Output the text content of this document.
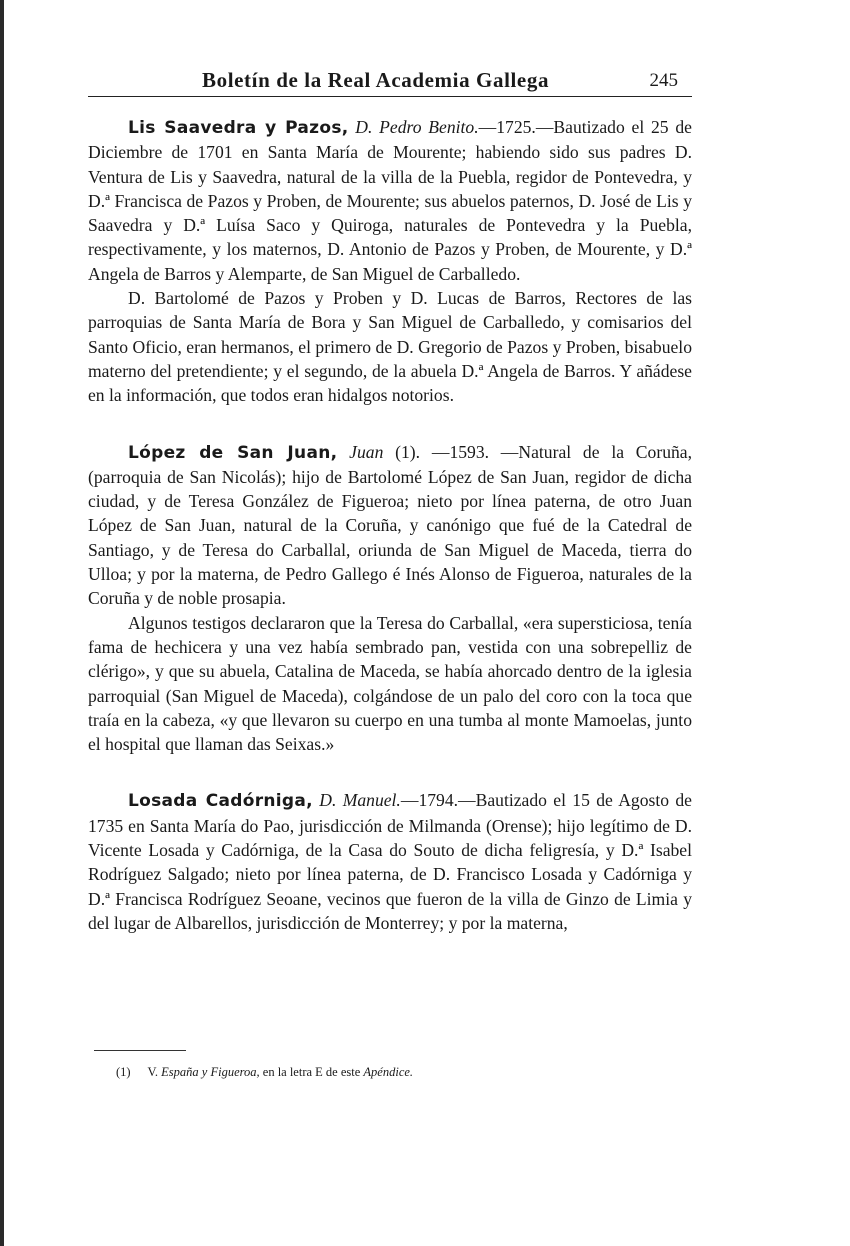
Boletín de la Real Academia Gallega	245

Lis Saavedra y Pazos, D. Pedro Benito.—1725.—Bautizado el 25 de Diciembre de 1701 en Santa María de Mourente; habiendo sido sus padres D. Ventura de Lis y Saavedra, natural de la villa de la Puebla, regidor de Pontevedra, y D.ª Francisca de Pazos y Proben, de Mourente; sus abuelos paternos, D. José de Lis y Saavedra y D.ª Luísa Saco y Quiroga, naturales de Pontevedra y la Puebla, respectivamente, y los maternos, D. Antonio de Pazos y Proben, de Mourente, y D.ª Angela de Barros y Alemparte, de San Miguel de Carballedo.

D. Bartolomé de Pazos y Proben y D. Lucas de Barros, Rectores de las parroquias de Santa María de Bora y San Miguel de Carballedo, y comisarios del Santo Oficio, eran hermanos, el primero de D. Gregorio de Pazos y Proben, bisabuelo materno del pretendiente; y el segundo, de la abuela D.ª Angela de Barros. Y añádese en la información, que todos eran hidalgos notorios.

López de San Juan, Juan (1). —1593. —Natural de la Coruña, (parroquia de San Nicolás); hijo de Bartolomé López de San Juan, regidor de dicha ciudad, y de Teresa González de Figueroa; nieto por línea paterna, de otro Juan López de San Juan, natural de la Coruña, y canónigo que fué de la Catedral de Santiago, y de Teresa do Carballal, oriunda de San Miguel de Maceda, tierra do Ulloa; y por la materna, de Pedro Gallego é Inés Alonso de Figueroa, naturales de la Coruña y de noble prosapia.

Algunos testigos declararon que la Teresa do Carballal, «era supersticiosa, tenía fama de hechicera y una vez había sembrado pan, vestida con una sobrepelliz de clérigo», y que su abuela, Catalina de Maceda, se había ahorcado dentro de la iglesia parroquial (San Miguel de Maceda), colgándose de un palo del coro con la toca que traía en la cabeza, «y que llevaron su cuerpo en una tumba al monte Mamoelas, junto el hospital que llaman das Seixas.»

Losada Cadórniga, D. Manuel.—1794.—Bautizado el 15 de Agosto de 1735 en Santa María do Pao, jurisdicción de Milmanda (Orense); hijo legítimo de D. Vicente Losada y Cadórniga, de la Casa do Souto de dicha feligresía, y D.ª Isabel Rodríguez Salgado; nieto por línea paterna, de D. Francisco Losada y Cadórniga y D.ª Francisca Rodríguez Seoane, vecinos que fueron de la villa de Ginzo de Limia y del lugar de Albarellos, jurisdicción de Monterrey; y por la materna,

(1) V. España y Figueroa, en la letra E de este Apéndice.
